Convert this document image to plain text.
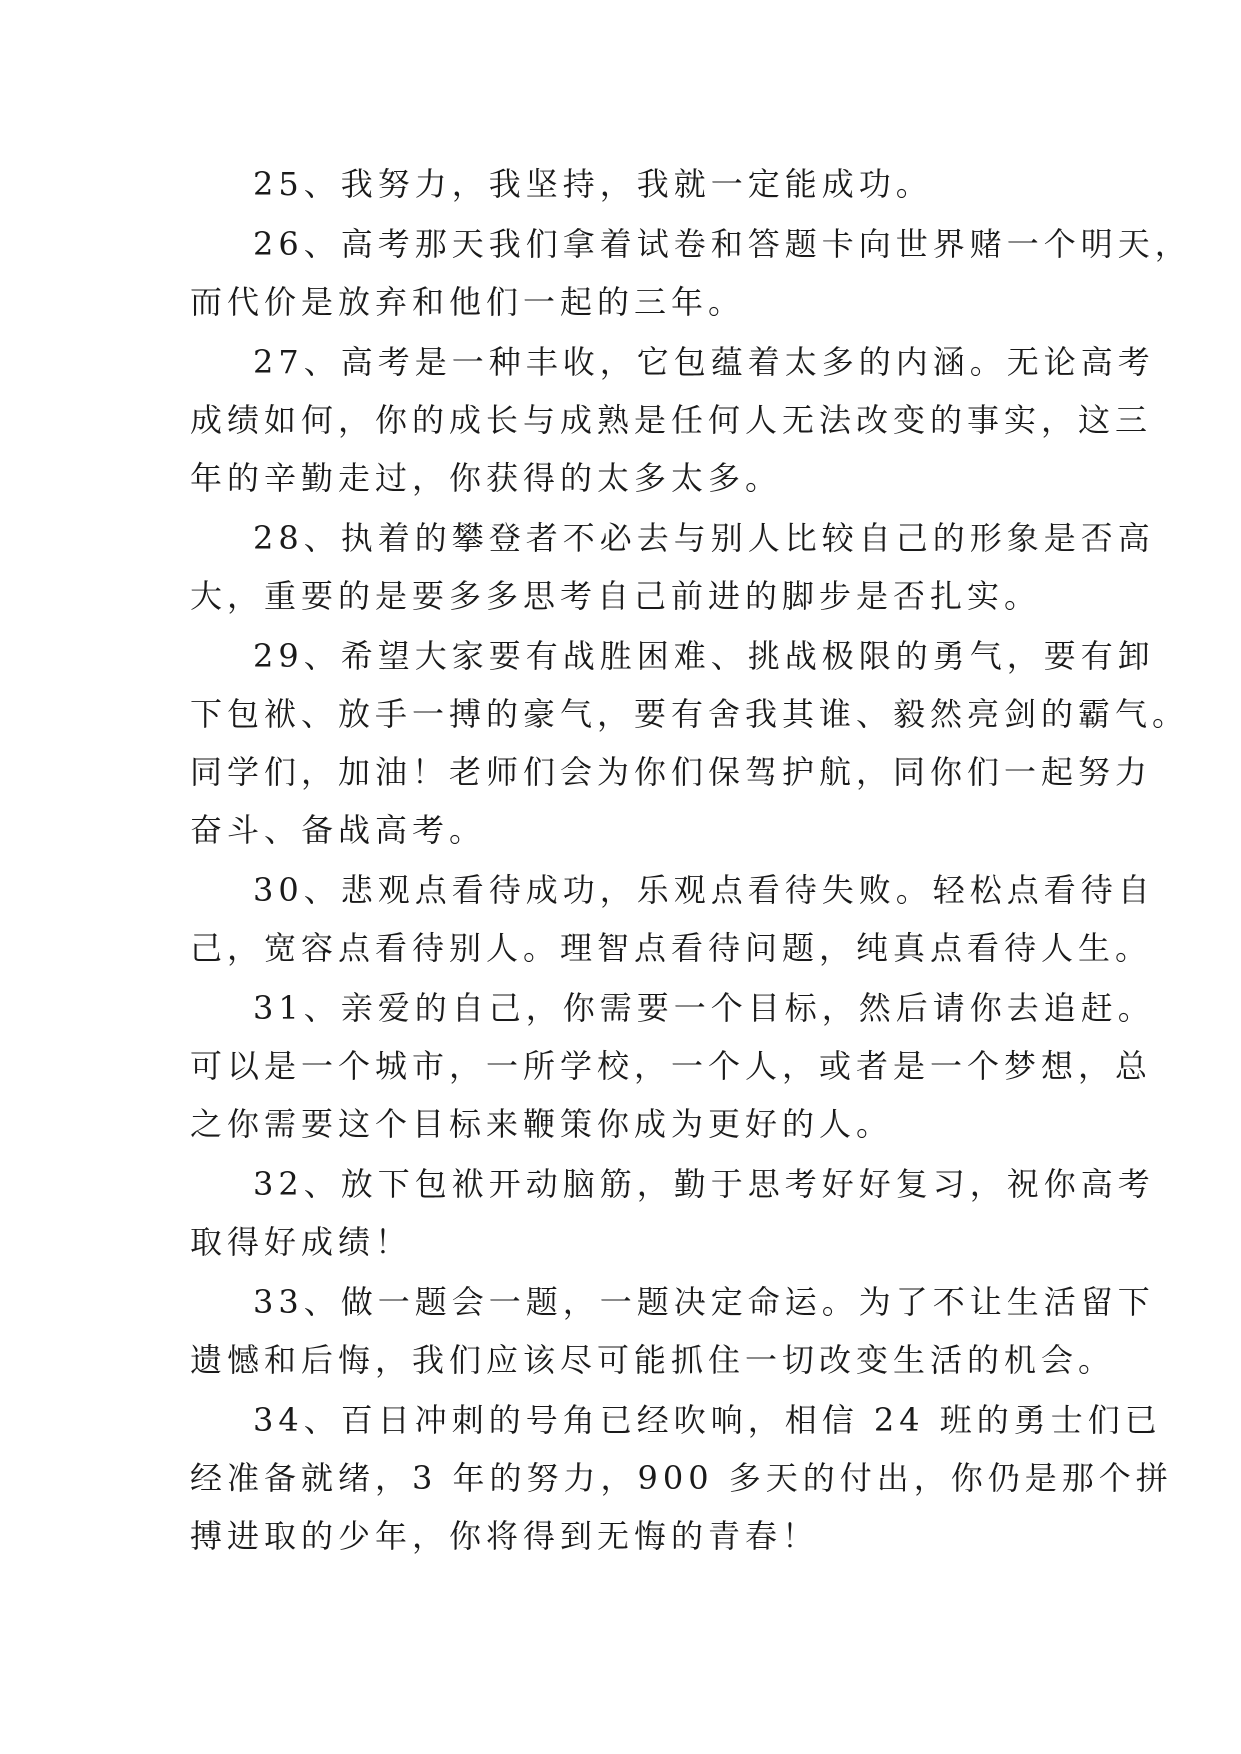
25、我努力，我坚持，我就一定能成功。
26、高考那天我们拿着试卷和答题卡向世界赌一个明天，
而代价是放弃和他们一起的三年。
27、高考是一种丰收，它包蕴着太多的内涵。无论高考
成绩如何，你的成长与成熟是任何人无法改变的事实，这三
年的辛勤走过，你获得的太多太多。
28、执着的攀登者不必去与别人比较自己的形象是否高
大，重要的是要多多思考自己前进的脚步是否扎实。
29、希望大家要有战胜困难、挑战极限的勇气，要有卸
下包袱、放手一搏的豪气，要有舍我其谁、毅然亮剑的霸气。
同学们，加油！老师们会为你们保驾护航，同你们一起努力
奋斗、备战高考。
30、悲观点看待成功，乐观点看待失败。轻松点看待自
己，宽容点看待别人。理智点看待问题，纯真点看待人生。
31、亲爱的自己，你需要一个目标，然后请你去追赶。
可以是一个城市，一所学校，一个人，或者是一个梦想，总
之你需要这个目标来鞭策你成为更好的人。
32、放下包袱开动脑筋，勤于思考好好复习，祝你高考
取得好成绩！
33、做一题会一题，一题决定命运。为了不让生活留下
遗憾和后悔，我们应该尽可能抓住一切改变生活的机会。
34、百日冲刺的号角已经吹响，相信 24 班的勇士们已
经准备就绪，3 年的努力，900 多天的付出，你仍是那个拼
搏进取的少年，你将得到无悔的青春！
